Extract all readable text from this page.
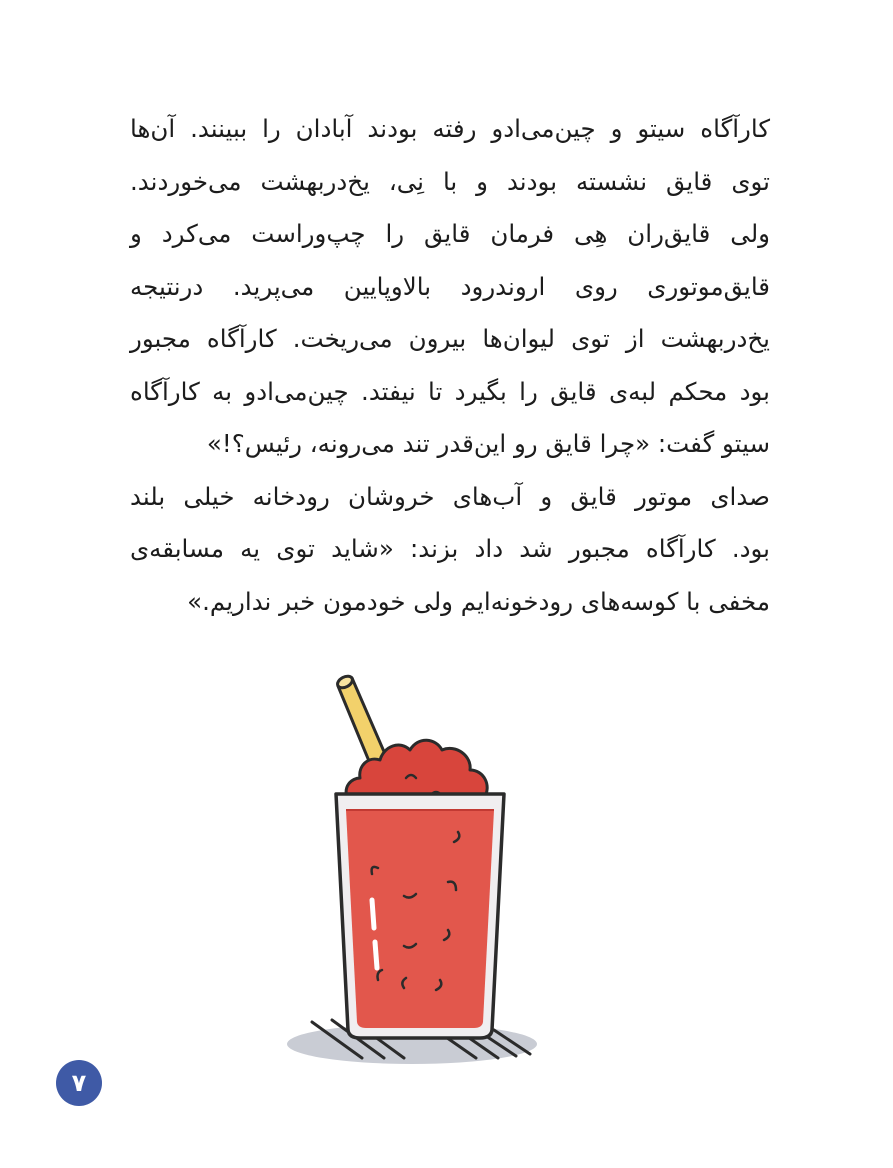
کارآگاه سیتو و چین‌می‌ادو رفته بودند آبادان را ببینند. آن‌ها
توی قایق نشسته بودند و با نِی، یخ‌دربهشت می‌خوردند.
ولی قایق‌ران هِی فرمان قایق را چپ‌وراست می‌کرد و
قایق‌موتوری روی اروندرود بالاوپایین می‌پرید. درنتیجه
یخ‌دربهشت از توی لیوان‌ها بیرون می‌ریخت. کارآگاه مجبور
بود محکم لبه‌ی قایق را بگیرد تا نیفتد. چین‌می‌ادو به کارآگاه
سیتو گفت: «چرا قایق رو این‌قدر تند می‌رونه، رئیس؟!»
صدای موتور قایق و آب‌های خروشان رودخانه خیلی بلند
بود. کارآگاه مجبور شد داد بزند: «شاید توی یه مسابقه‌ی
مخفی با کوسه‌های رودخونه‌ایم ولی خودمون خبر نداریم.»
۷
